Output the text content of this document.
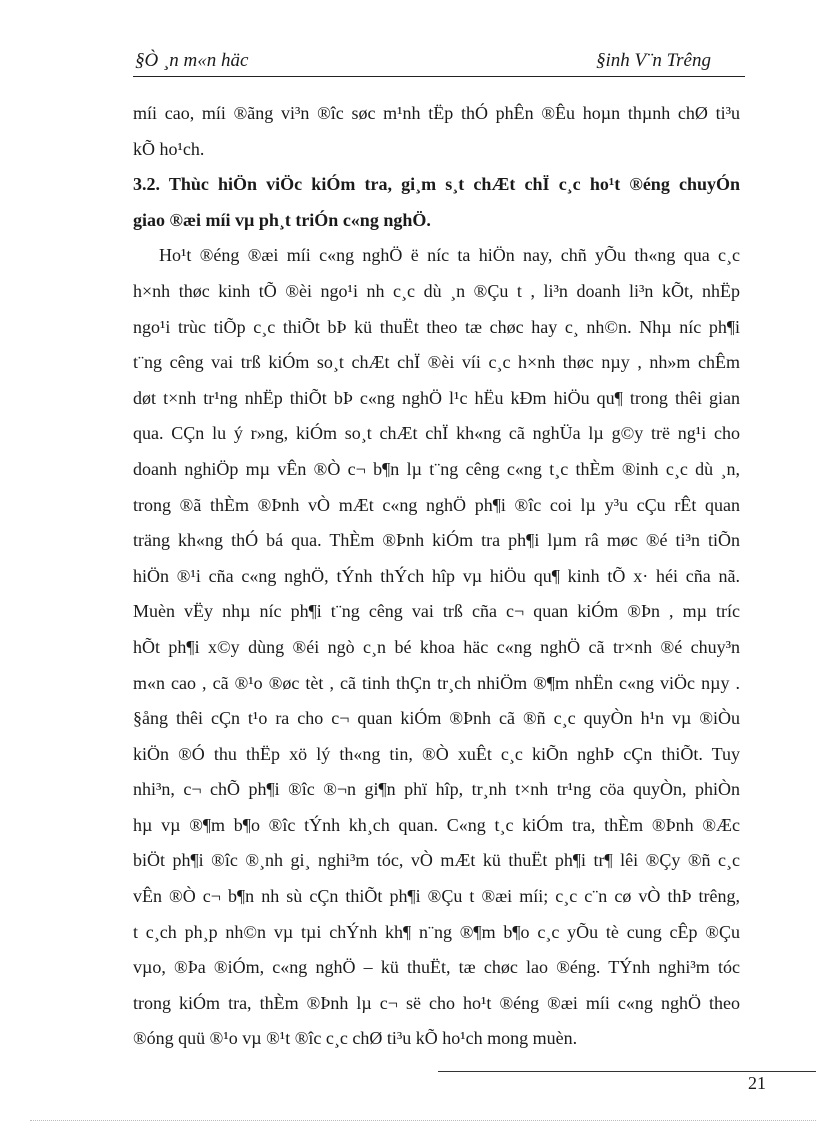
§Ò ¸n m«n häc	§inh V¨n Trêng
míi cao, míi ®ãng vi³n ®îc søc m¹nh tËp thÓ phÊn ®Êu hoµn thµnh chØ ti³u
kÕ ho¹ch.
3.2. Thùc hiÖn viÖc kiÓm tra, gi¸m s¸t chÆt chÏ c¸c ho¹t ®éng chuyÓn
giao ®æi míi vµ ph¸t triÓn c«ng nghÖ.
Ho¹t ®éng ®æi míi c«ng nghÖ ë níc ta hiÖn nay, chñ yÕu th«ng qua c¸c
h×nh thøc kinh tÕ ®èi ngo¹i nh c¸c dù ¸n ®Çu t , li³n doanh li³n kÕt, nhËp
ngo¹i trùc tiÕp c¸c thiÕt bÞ kü thuËt theo tæ chøc hay c¸ nh©n. Nhµ níc ph¶i
t¨ng cêng vai trß kiÓm so¸t chÆt chÏ ®èi víi c¸c h×nh thøc nµy , nh»m chÊm
døt t×nh tr¹ng nhËp thiÕt bÞ c«ng nghÖ l¹c hËu kÐm hiÖu qu¶ trong thêi gian
qua. CÇn lu ý r»ng, kiÓm so¸t chÆt chÏ kh«ng cã nghÜa lµ g©y trë ng¹i cho
doanh nghiÖp mµ vÊn ®Ò c¬ b¶n lµ t¨ng cêng c«ng t¸c thÈm ®inh c¸c dù ¸n,
trong ®ã thÈm ®Þnh vÒ mÆt c«ng nghÖ ph¶i ®îc coi lµ y³u cÇu rÊt quan
träng kh«ng thÓ bá qua. ThÈm ®Þnh kiÓm tra ph¶i lµm râ møc ®é ti³n tiÕn
hiÖn ®¹i cña c«ng nghÖ, tÝnh thÝch hîp vµ hiÖu qu¶ kinh tÕ x· héi cña nã.
Muèn vËy nhµ níc ph¶i t¨ng cêng vai trß cña c¬ quan kiÓm ®Þn , mµ tríc
hÕt ph¶i x©y dùng ®éi ngò c¸n bé khoa häc c«ng nghÖ cã tr×nh ®é chuy³n
m«n cao , cã ®¹o ®øc tèt , cã tinh thÇn tr¸ch nhiÖm ®¶m nhËn c«ng viÖc nµy .
§ång thêi cÇn t¹o ra cho c¬ quan kiÓm ®Þnh cã ®ñ c¸c quyÒn h¹n vµ ®iÒu
kiÖn ®Ó thu thËp xö lý th«ng tin, ®Ò xuÊt c¸c kiÕn nghÞ cÇn thiÕt. Tuy
nhi³n, c¬ chÕ ph¶i ®îc ®¬n gi¶n phï hîp, tr¸nh t×nh tr¹ng cöa quyÒn, phiÒn
hµ vµ ®¶m b¶o ®îc tÝnh kh¸ch quan. C«ng t¸c kiÓm tra, thÈm ®Þnh ®Æc
biÖt ph¶i ®îc ®¸nh gi¸ nghi³m tóc, vÒ mÆt kü thuËt ph¶i tr¶ lêi ®Çy ®ñ c¸c
vÊn ®Ò c¬ b¶n nh sù cÇn thiÕt ph¶i ®Çu t ®æi míi; c¸c c¨n cø vÒ thÞ trêng,
t c¸ch ph¸p nh©n vµ tµi chÝnh kh¶ n¨ng ®¶m b¶o c¸c yÕu tè cung cÊp ®Çu
vµo, ®Þa ®iÓm, c«ng nghÖ – kü thuËt, tæ chøc lao ®éng. TÝnh nghi³m tóc
trong kiÓm tra, thÈm ®Þnh lµ c¬ së cho ho¹t ®éng ®æi míi c«ng nghÖ theo
®óng quü ®¹o vµ ®¹t ®îc c¸c chØ ti³u kÕ ho¹ch mong muèn.
21
